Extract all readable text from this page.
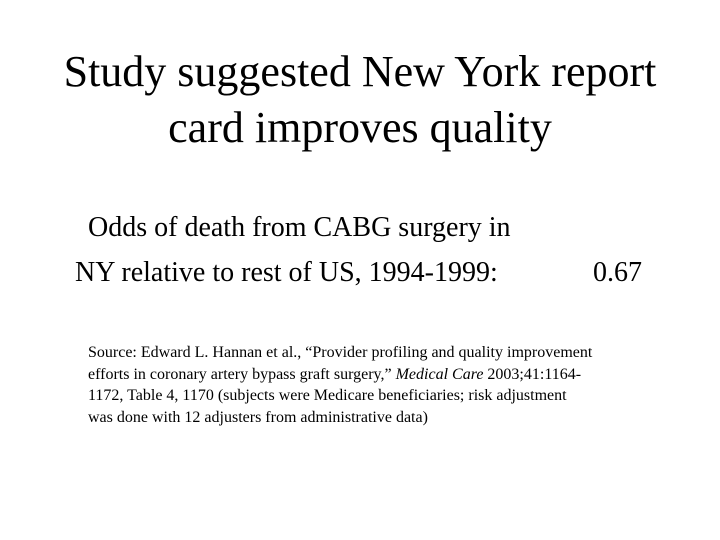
Study suggested New York report
card improves quality
Odds of death from CABG surgery in
NY relative to rest of US, 1994-1999:	0.67
Source: Edward L. Hannan et al., “Provider profiling and quality improvement
efforts in coronary artery bypass graft surgery,” Medical Care 2003;41:1164-
1172, Table 4, 1170 (subjects were Medicare beneficiaries; risk adjustment
was done with 12 adjusters from administrative data)
